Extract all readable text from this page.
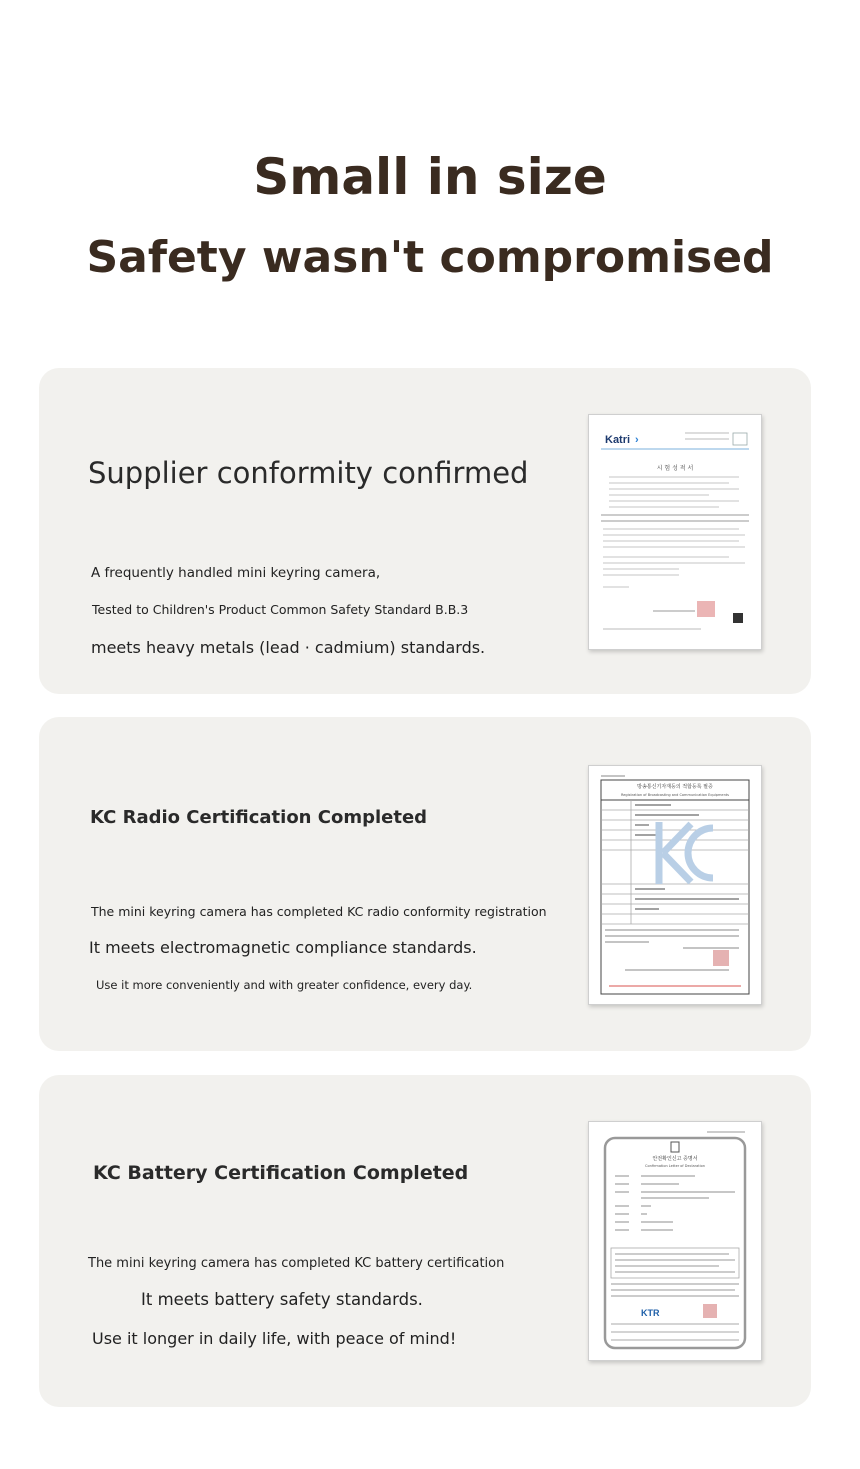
Small in size
Safety wasn't compromised
Supplier conformity confirmed
A frequently handled mini keyring camera,
Tested to Children's Product Common Safety Standard B.B.3
meets heavy metals (lead · cadmium) standards.
Katri ›
시 험 성 적 서
KC Radio Certification Completed
The mini keyring camera has completed KC radio conformity registration
It meets electromagnetic compliance standards.
Use it more conveniently and with greater confidence, every day.
방송통신기자재등의 적합등록 필증
Registration of Broadcasting and Communication Equipments
KC Battery Certification Completed
The mini keyring camera has completed KC battery certification
It meets battery safety standards.
Use it longer in daily life, with peace of mind!
안전확인신고 증명서
Confirmation Letter of Declaration
KTR
